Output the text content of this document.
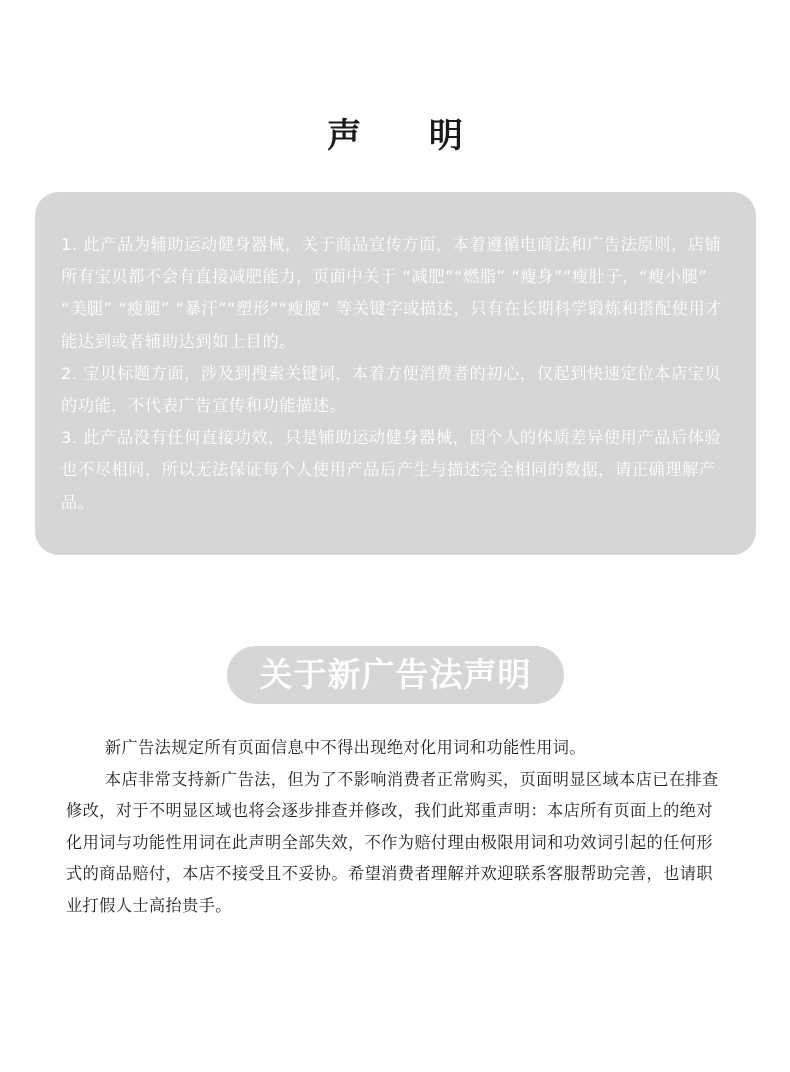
声 明

1. 此产品为辅助运动健身器械，关于商品宣传方面，本着遵循电商法和广告法原则，店铺所有宝贝都不会有直接减肥能力，页面中关于 “减肥”“燃脂” “瘦身”“瘦肚子，“瘦小腿” “美腿” “瘦腿” “暴汗”“塑形”“瘦腰” 等关键字或描述，只有在长期科学锻炼和搭配使用才能达到或者辅助达到如上目的。

2. 宝贝标题方面，涉及到搜索关键词，本着方便消费者的初心，仅起到快速定位本店宝贝的功能，不代表广告宣传和功能描述。

3. 此产品没有任何直接功效，只是铺助运动健身器械，因个人的体质差异使用产品后体验也不尽相同，所以无法保证每个人使用产品后产生与描述完全相同的数据，请正确理解产品。

关于新广告法声明

新广告法规定所有页面信息中不得出现绝对化用词和功能性用词。

本店非常支持新广告法，但为了不影响消费者正常购买，页面明显区域本店已在排查修改，对于不明显区域也将会逐步排查并修改，我们此郑重声明：本店所有页面上的绝对化用词与功能性用词在此声明全部失效，不作为赔付理由极限用词和功效词引起的任何形式的商品赔付，本店不接受且不妥协。希望消费者理解并欢迎联系客服帮助完善，也请职业打假人士高抬贵手。
